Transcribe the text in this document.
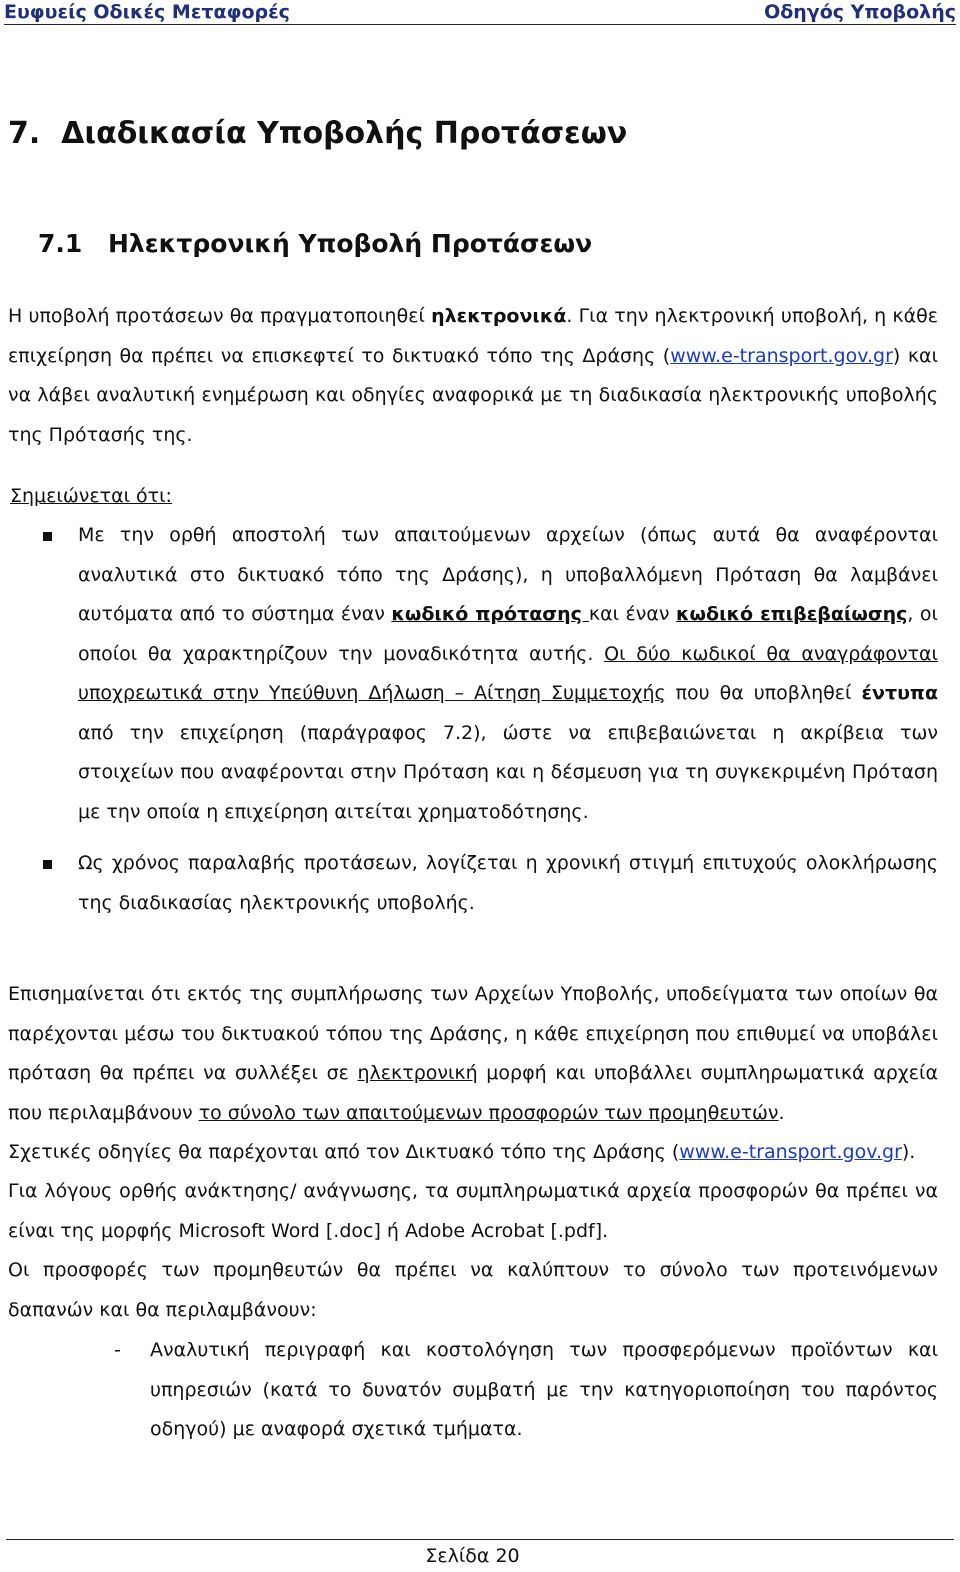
Ευφυείς Οδικές Μεταφορές	Οδηγός Υποβολής
7. Διαδικασία Υποβολής Προτάσεων
7.1 Ηλεκτρονική Υποβολή Προτάσεων
Η υποβολή προτάσεων θα πραγματοποιηθεί ηλεκτρονικά. Για την ηλεκτρονική υποβολή, η κάθε επιχείρηση θα πρέπει να επισκεφτεί το δικτυακό τόπο της Δράσης (www.e-transport.gov.gr) και να λάβει αναλυτική ενημέρωση και οδηγίες αναφορικά με τη διαδικασία ηλεκτρονικής υποβολής της Πρότασής της.
Σημειώνεται ότι:
Με την ορθή αποστολή των απαιτούμενων αρχείων (όπως αυτά θα αναφέρονται αναλυτικά στο δικτυακό τόπο της Δράσης), η υποβαλλόμενη Πρόταση θα λαμβάνει αυτόματα από το σύστημα έναν κωδικό πρότασης και έναν κωδικό επιβεβαίωσης, οι οποίοι θα χαρακτηρίζουν την μοναδικότητα αυτής. Οι δύο κωδικοί θα αναγράφονται υποχρεωτικά στην Υπεύθυνη Δήλωση – Αίτηση Συμμετοχής που θα υποβληθεί έντυπα από την επιχείρηση (παράγραφος 7.2), ώστε να επιβεβαιώνεται η ακρίβεια των στοιχείων που αναφέρονται στην Πρόταση και η δέσμευση για τη συγκεκριμένη Πρόταση με την οποία η επιχείρηση αιτείται χρηματοδότησης.
Ως χρόνος παραλαβής προτάσεων, λογίζεται η χρονική στιγμή επιτυχούς ολοκλήρωσης της διαδικασίας ηλεκτρονικής υποβολής.
Επισημαίνεται ότι εκτός της συμπλήρωσης των Αρχείων Υποβολής, υποδείγματα των οποίων θα παρέχονται μέσω του δικτυακού τόπου της Δράσης, η κάθε επιχείρηση που επιθυμεί να υποβάλει πρόταση θα πρέπει να συλλέξει σε ηλεκτρονική μορφή και υποβάλλει συμπληρωματικά αρχεία που περιλαμβάνουν το σύνολο των απαιτούμενων προσφορών των προμηθευτών.
Σχετικές οδηγίες θα παρέχονται από τον Δικτυακό τόπο της Δράσης (www.e-transport.gov.gr).
Για λόγους ορθής ανάκτησης/ ανάγνωσης, τα συμπληρωματικά αρχεία προσφορών θα πρέπει να είναι της μορφής Microsoft Word [.doc] ή Adobe Acrobat [.pdf].
Οι προσφορές των προμηθευτών θα πρέπει να καλύπτουν το σύνολο των προτεινόμενων δαπανών και θα περιλαμβάνουν:
- Αναλυτική περιγραφή και κοστολόγηση των προσφερόμενων προϊόντων και υπηρεσιών (κατά το δυνατόν συμβατή με την κατηγοριοποίηση του παρόντος οδηγού) με αναφορά σχετικά τμήματα.
Σελίδα 20
